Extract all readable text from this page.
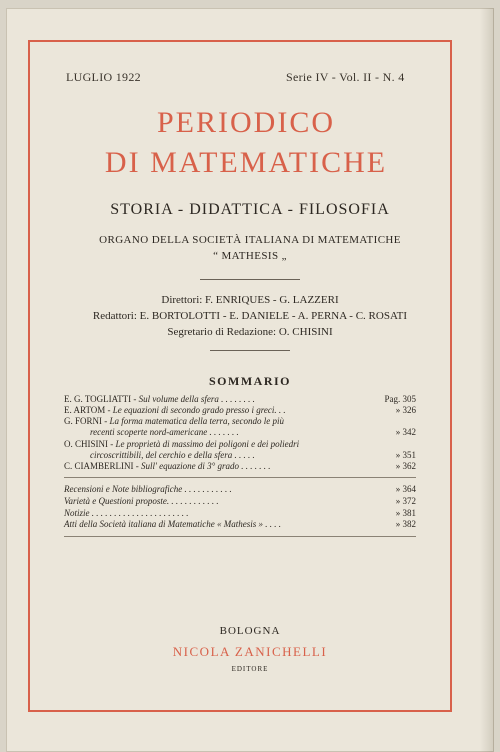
LUGLIO 1922	Serie IV - Vol. II - N. 4
PERIODICO
DI MATEMATICHE
STORIA - DIDATTICA - FILOSOFIA
ORGANO DELLA SOCIETÀ ITALIANA DI MATEMATICHE
“ MATHESIS „
Direttori: F. ENRIQUES - G. LAZZERI
Redattori: E. BORTOLOTTI - E. DANIELE - A. PERNA - C. ROSATI
Segretario di Redazione: O. CHISINI
SOMMARIO
E. G. TOGLIATTI - Sul volume della sfera . . . . . . . .	Pag. 305
E. ARTOM - Le equazioni di secondo grado presso i greci. . .	» 326
G. FORNI - La forma matematica della terra, secondo le più
recenti scoperte nord-americane . . . . . . .	» 342
O. CHISINI - Le proprietà di massimo dei poligoni e dei poliedri
circoscrittibili, del cerchio e della sfera . . . . .	» 351
C. CIAMBERLINI - Sull' equazione di 3° grado . . . . . . .	» 362
Recensioni e Note bibliografiche . . . . . . . . . . .	» 364
Varietà e Questioni proposte. . . . . . . . . . . .	» 372
Notizie . . . . . . . . . . . . . . . . . . . . . .	» 381
Atti della Società italiana di Matematiche « Mathesis » . . . .	» 382
BOLOGNA
NICOLA ZANICHELLI
EDITORE
